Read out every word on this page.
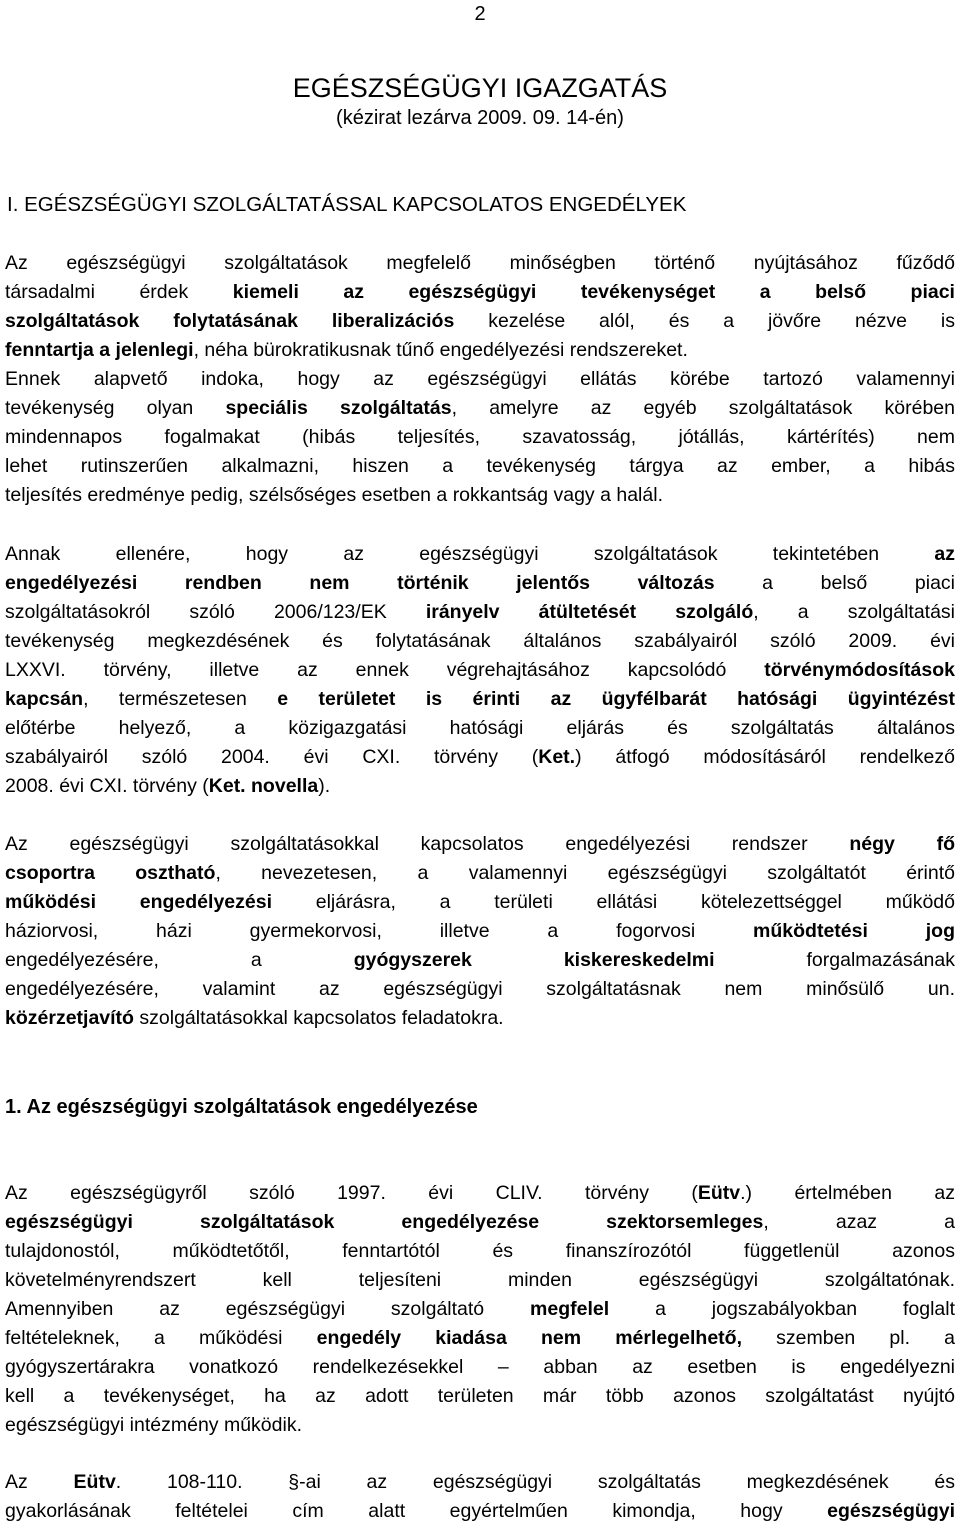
2
EGÉSZSÉGÜGYI IGAZGATÁS
(kézirat lezárva 2009. 09. 14-én)
I. EGÉSZSÉGÜGYI SZOLGÁLTATÁSSAL KAPCSOLATOS ENGEDÉLYEK
Az egészségügyi szolgáltatások megfelelő minőségben történő nyújtásához fűződő
társadalmi érdek kiemeli az egészségügyi tevékenységet a belső piaci
szolgáltatások folytatásának liberalizációs kezelése alól, és a jövőre nézve is
fenntartja a jelenlegi, néha bürokratikusnak tűnő engedélyezési rendszereket.
Ennek alapvető indoka, hogy az egészségügyi ellátás körébe tartozó valamennyi
tevékenység olyan speciális szolgáltatás, amelyre az egyéb szolgáltatások körében
mindennapos fogalmakat (hibás teljesítés, szavatosság, jótállás, kártérítés) nem
lehet rutinszerűen alkalmazni, hiszen a tevékenység tárgya az ember, a hibás
teljesítés eredménye pedig, szélsőséges esetben a rokkantság vagy a halál.
Annak ellenére, hogy az egészségügyi szolgáltatások tekintetében az
engedélyezési rendben nem történik jelentős változás a belső piaci
szolgáltatásokról szóló 2006/123/EK irányelv átültetését szolgáló, a szolgáltatási
tevékenység megkezdésének és folytatásának általános szabályairól szóló 2009. évi
LXXVI. törvény, illetve az ennek végrehajtásához kapcsolódó törvénymódosítások
kapcsán, természetesen e területet is érinti az ügyfélbarát hatósági ügyintézést
előtérbe helyező, a közigazgatási hatósági eljárás és szolgáltatás általános
szabályairól szóló 2004. évi CXI. törvény (Ket.) átfogó módosításáról rendelkező
2008. évi CXI. törvény (Ket. novella).
Az egészségügyi szolgáltatásokkal kapcsolatos engedélyezési rendszer négy fő
csoportra osztható, nevezetesen, a valamennyi egészségügyi szolgáltatót érintő
működési engedélyezési eljárásra, a területi ellátási kötelezettséggel működő
háziorvosi, házi gyermekorvosi, illetve a fogorvosi működtetési jog
engedélyezésére, a gyógyszerek kiskereskedelmi forgalmazásának
engedélyezésére, valamint az egészségügyi szolgáltatásnak nem minősülő un.
közérzetjavító szolgáltatásokkal kapcsolatos feladatokra.
1. Az egészségügyi szolgáltatások engedélyezése
Az egészségügyről szóló 1997. évi CLIV. törvény (Eütv.) értelmében az
egészségügyi szolgáltatások engedélyezése szektorsemleges, azaz a
tulajdonostól, működtetőtől, fenntartótól és finanszírozótól függetlenül azonos
követelményrendszert kell teljesíteni minden egészségügyi szolgáltatónak.
Amennyiben az egészségügyi szolgáltató megfelel a jogszabályokban foglalt
feltételeknek, a működési engedély kiadása nem mérlegelhető, szemben pl. a
gyógyszertárakra vonatkozó rendelkezésekkel – abban az esetben is engedélyezni
kell a tevékenységet, ha az adott területen már több azonos szolgáltatást nyújtó
egészségügyi intézmény működik.
Az Eütv. 108-110. §-ai az egészségügyi szolgáltatás megkezdésének és
gyakorlásának feltételei cím alatt egyértelműen kimondja, hogy egészségügyi
